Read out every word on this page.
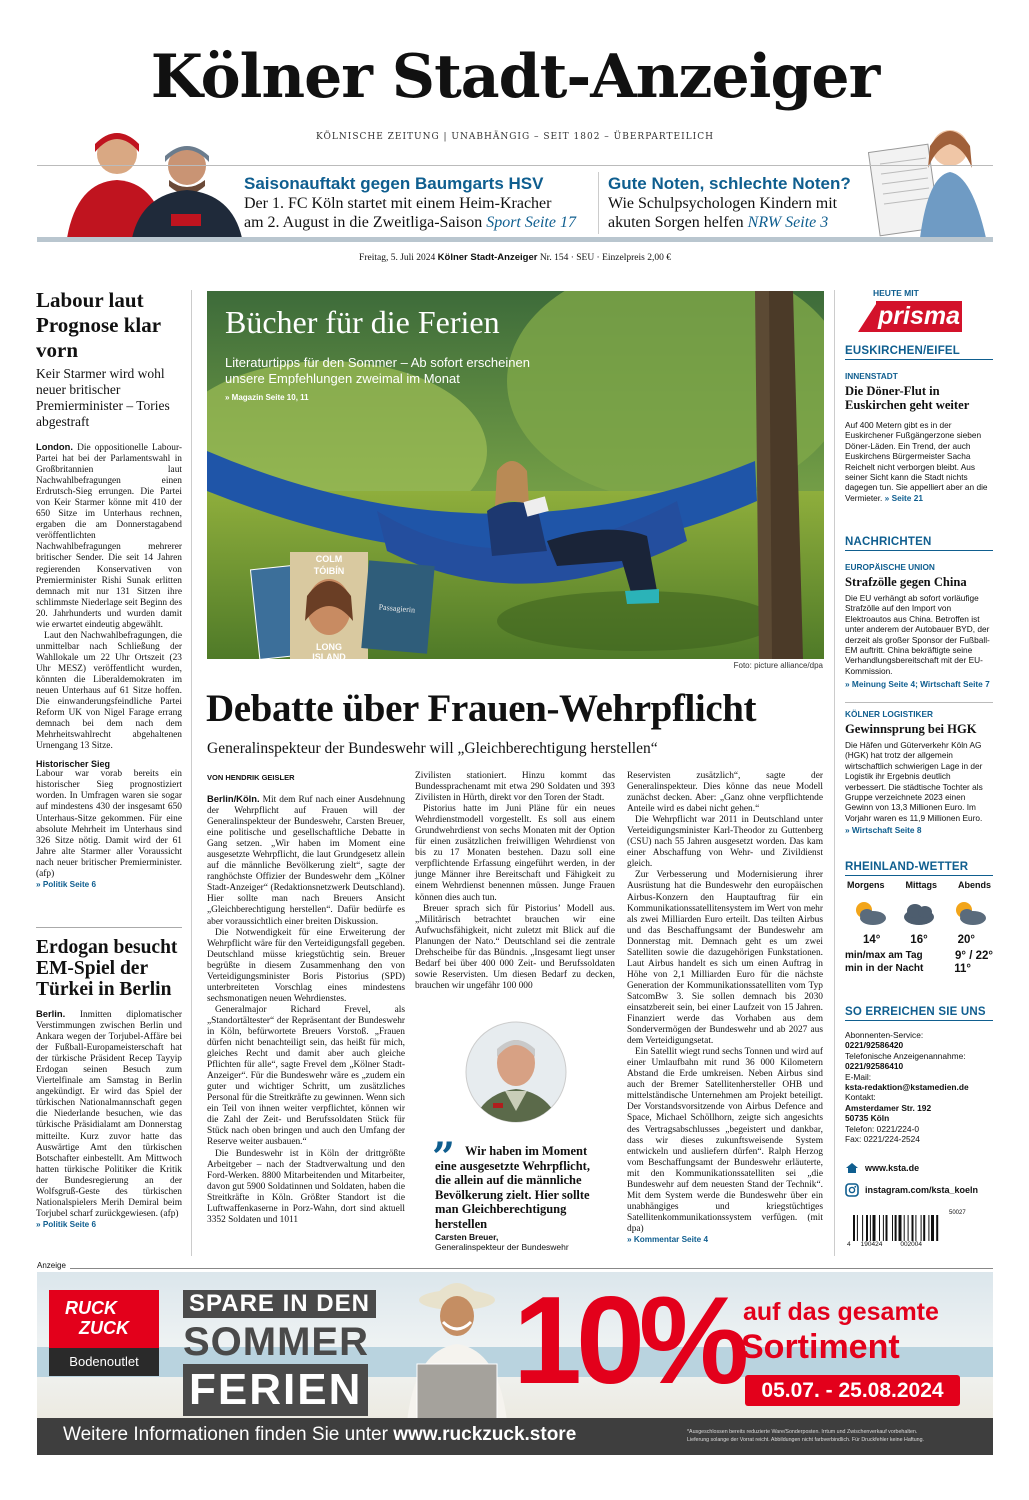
Kölner Stadt-Anzeiger
KÖLNISCHE ZEITUNG | UNABHÄNGIG – SEIT 1802 – ÜBERPARTEILICH
Saisonauftakt gegen Baumgarts HSV
Der 1. FC Köln startet mit einem Heim-Kracher
am 2. August in die Zweitliga-Saison Sport Seite 17
Gute Noten, schlechte Noten?
Wie Schulpsychologen Kindern mit
akuten Sorgen helfen NRW Seite 3
Freitag, 5. Juli 2024 Kölner Stadt-Anzeiger Nr. 154 · SEU · Einzelpreis 2,00 €
Labour laut Prognose klar vorn
Keir Starmer wird wohl neuer britischer Premierminister – Tories abgestraft

London. Die oppositionelle Labour-Partei hat bei der Parlamentswahl in Großbritannien laut Nachwahlbefragungen einen Erdrutsch-Sieg errungen. Die Partei von Keir Starmer könne mit 410 der 650 Sitze im Unterhaus rechnen, ergaben die am Donnerstagabend veröffentlichten Nachwahlbefragungen mehrerer britischer Sender. Die seit 14 Jahren regierenden Konservativen von Premierminister Rishi Sunak erlitten demnach mit nur 131 Sitzen ihre schlimmste Niederlage seit Beginn des 20. Jahrhunderts und wurden damit wie erwartet eindeutig abgewählt.

Laut den Nachwahlbefragungen, die unmittelbar nach Schließung der Wahllokale um 22 Uhr Ortszeit (23 Uhr MESZ) veröffentlicht wurden, könnten die Liberaldemokraten im neuen Unterhaus auf 61 Sitze hoffen. Die einwanderungsfeindliche Partei Reform UK von Nigel Farage errang demnach bei dem nach dem Mehrheitswahlrecht abgehaltenen Urnengang 13 Sitze.

Historischer Sieg

Labour war vorab bereits ein historischer Sieg prognostiziert worden. In Umfragen waren sie sogar auf mindestens 430 der insgesamt 650 Unterhaus-Sitze gekommen. Für eine absolute Mehrheit im Unterhaus sind 326 Sitze nötig. Damit wird der 61 Jahre alte Starmer aller Voraussicht nach neuer britischer Premierminister. (afp)

» Politik Seite 6
Erdogan besucht EM-Spiel der Türkei in Berlin

Berlin. Inmitten diplomatischer Verstimmungen zwischen Berlin und Ankara wegen der Torjubel-Affäre bei der Fußball-Europameisterschaft hat der türkische Präsident Recep Tayyip Erdogan seinen Besuch zum Viertelfinale am Samstag in Berlin angekündigt. Er wird das Spiel der türkischen Nationalmannschaft gegen die Niederlande besuchen, wie das türkische Präsidialamt am Donnerstag mitteilte. Kurz zuvor hatte das Auswärtige Amt den türkischen Botschafter einbestellt. Am Mittwoch hatten türkische Politiker die Kritik der Bundesregierung an der Wolfsgruß-Geste des türkischen Nationalspielers Merih Demiral beim Torjubel scharf zurückgewiesen. (afp)

» Politik Seite 6
COLM
TÓIBÍN
LONG
ISLAND
Passagierin
Bücher für die Ferien
Literaturtipps für den Sommer – Ab sofort erscheinen
unsere Empfehlungen zweimal im Monat
» Magazin Seite 10, 11
Foto: picture alliance/dpa
Debatte über Frauen-Wehrpflicht
Generalinspekteur der Bundeswehr will „Gleichberechtigung herstellen“
VON HENDRIK GEISLER

Berlin/Köln. Mit dem Ruf nach einer Ausdehnung der Wehrpflicht auf Frauen will der Generalinspekteur der Bundeswehr, Carsten Breuer, eine politische und gesellschaftliche Debatte in Gang setzen. „Wir haben im Moment eine ausgesetzte Wehrpflicht, die laut Grundgesetz allein auf die männliche Bevölkerung zielt“, sagte der ranghöchste Offizier der Bundeswehr dem „Kölner Stadt-Anzeiger“ (Redaktionsnetzwerk Deutschland). Hier sollte man nach Breuers Ansicht „Gleichberechtigung herstellen“. Dafür bedürfe es aber voraussichtlich einer breiten Diskussion.

Die Notwendigkeit für eine Erweiterung der Wehrpflicht wäre für den Verteidigungsfall gegeben. Deutschland müsse kriegstüchtig sein. Breuer begrüßte in diesem Zusammenhang den von Verteidigungsminister Boris Pistorius (SPD) unterbreiteten Vorschlag eines mindestens sechsmonatigen neuen Wehrdienstes.

Generalmajor Richard Frevel, als „Standortältester“ der Repräsentant der Bundeswehr in Köln, befürwortete Breuers Vorstoß. „Frauen dürfen nicht benachteiligt sein, das heißt für mich, gleiches Recht und damit aber auch gleiche Pflichten für alle“, sagte Frevel dem „Kölner Stadt-Anzeiger“. Für die Bundeswehr wäre es „zudem ein guter und wichtiger Schritt, um zusätzliches Personal für die Streitkräfte zu gewinnen. Wenn sich ein Teil von ihnen weiter verpflichtet, können wir die Zahl der Zeit- und Berufssoldaten Stück für Stück nach oben bringen und auch den Umfang der Reserve weiter ausbauen.“

Die Bundeswehr ist in Köln der drittgrößte Arbeitgeber – nach der Stadtverwaltung und den Ford-Werken. 8800 Mitarbeitenden und Mitarbeiter, davon gut 5900 Soldatinnen und Soldaten, haben die Streitkräfte in Köln. Größter Standort ist die Luftwaffenkaserne in Porz-Wahn, dort sind aktuell 3352 Soldaten und 1011

Zivilisten stationiert. Hinzu kommt das Bundessprachenamt mit etwa 290 Soldaten und 393 Zivilisten in Hürth, direkt vor den Toren der Stadt.

Pistorius hatte im Juni Pläne für ein neues Wehrdienstmodell vorgestellt. Es soll aus einem Grundwehrdienst von sechs Monaten mit der Option für einen zusätzlichen freiwilligen Wehrdienst von bis zu 17 Monaten bestehen. Dazu soll eine verpflichtende Erfassung eingeführt werden, in der junge Männer ihre Bereitschaft und Fähigkeit zu einem Wehrdienst benennen müssen. Junge Frauen können dies auch tun.

Breuer sprach sich für Pistorius’ Modell aus. „Militärisch betrachtet brauchen wir eine Aufwuchsfähigkeit, nicht zuletzt mit Blick auf die Planungen der Nato.“ Deutschland sei die zentrale Drehscheibe für das Bündnis. „Insgesamt liegt unser Bedarf bei über 400 000 Zeit- und Berufssoldaten sowie Reservisten. Um diesen Bedarf zu decken, brauchen wir ungefähr 100 000

Reservisten zusätzlich“, sagte der Generalinspekteur. Dies könne das neue Modell zunächst decken. Aber: „Ganz ohne verpflichtende Anteile wird es dabei nicht gehen.“

Die Wehrpflicht war 2011 in Deutschland unter Verteidigungsminister Karl-Theodor zu Guttenberg (CSU) nach 55 Jahren ausgesetzt worden. Das kam einer Abschaffung von Wehr- und Zivildienst gleich.

Zur Verbesserung und Modernisierung ihrer Ausrüstung hat die Bundeswehr den europäischen Airbus-Konzern den Hauptauftrag für ein Kommunikationssatellitensystem im Wert von mehr als zwei Milliarden Euro erteilt. Das teilten Airbus und das Beschaffungsamt der Bundeswehr am Donnerstag mit. Demnach geht es um zwei Satelliten sowie die dazugehörigen Funkstationen. Laut Airbus handelt es sich um einen Auftrag in Höhe von 2,1 Milliarden Euro für die nächste Generation der Kommunikationssatelliten vom Typ SatcomBw 3. Sie sollen demnach bis 2030 einsatzbereit sein, bei einer Laufzeit von 15 Jahren. Finanziert werde das Vorhaben aus dem Sondervermögen der Bundeswehr und ab 2027 aus dem Verteidigungsetat.

Ein Satellit wiegt rund sechs Tonnen und wird auf einer Umlaufbahn mit rund 36 000 Kilometern Abstand die Erde umkreisen. Neben Airbus sind auch der Bremer Satellitenhersteller OHB und mittelständische Unternehmen am Projekt beteiligt. Der Vorstandsvorsitzende von Airbus Defence and Space, Michael Schöllhorn, zeigte sich angesichts des Vertragsabschlusses „begeistert und dankbar, dass wir dieses zukunftsweisende System entwickeln und ausliefern dürfen“. Ralph Herzog vom Beschaffungsamt der Bundeswehr erläuterte, mit den Kommunikationssatelliten sei „die Bundeswehr auf dem neuesten Stand der Technik“. Mit dem System werde die Bundeswehr über ein unabhängiges und kriegstüchtiges Satellitenkommunikationssystem verfügen. (mit dpa)

» Kommentar Seite 4
” Wir haben im Moment eine ausgesetzte Wehrpflicht, die allein auf die männliche Bevölkerung zielt. Hier sollte man Gleichberechtigung herstellen
Carsten Breuer,
Generalinspekteur der Bundeswehr
HEUTE MIT
prisma
EUSKIRCHEN/EIFEL
INNENSTADT
Die Döner-Flut in Euskirchen geht weiter
Auf 400 Metern gibt es in der Euskirchener Fußgängerzone sieben Döner-Läden. Ein Trend, der auch Euskirchens Bürgermeister Sacha Reichelt nicht verborgen bleibt. Aus seiner Sicht kann die Stadt nichts dagegen tun. Sie appelliert aber an die Vermieter. » Seite 21
NACHRICHTEN
EUROPÄISCHE UNION
Strafzölle gegen China
Die EU verhängt ab sofort vorläufige Strafzölle auf den Import von Elektroautos aus China. Betroffen ist unter anderem der Autobauer BYD, der derzeit als großer Sponsor der Fußball-EM auftritt. China bekräftigte seine Verhandlungsbereitschaft mit der EU-Kommission.
» Meinung Seite 4; Wirtschaft Seite 7
KÖLNER LOGISTIKER
Gewinnsprung bei HGK
Die Häfen und Güterverkehr Köln AG (HGK) hat trotz der allgemein wirtschaftlich schwierigen Lage in der Logistik ihr Ergebnis deutlich verbessert. Die städtische Tochter als Gruppe verzeichnete 2023 einen Gewinn von 13,3 Millionen Euro. Im Vorjahr waren es 11,9 Millionen Euro.
» Wirtschaft Seite 8
RHEINLAND-WETTER
Morgens Mittags Abends
14°	16°	20°
min/max am Tag	9° / 22°
min in der Nacht	11°
SO ERREICHEN SIE UNS
Abonnenten-Service:
0221/92586420
Telefonische Anzeigenannahme:
0221/92586410
E-Mail:
ksta-redaktion@kstamedien.de
Kontakt:
Amsterdamer Str. 192
50735 Köln
Telefon: 0221/224-0
Fax: 0221/224-2524
www.ksta.de
instagram.com/ksta_koeln
50027
4 190424	002004
Anzeige
RUCK
ZUCK
Bodenoutlet
SPARE IN DEN
SOMMER
FERIEN 10% auf das gesamte
Sortiment
05.07. - 25.08.2024
Weitere Informationen finden Sie unter www.ruckzuck.store	*Ausgeschlossen bereits reduzierte Ware/Sonderposten. Irrtum und Zwischenverkauf vorbehalten.
Lieferung solange der Vorrat reicht. Abbildungen nicht farbverbindlich. Für Druckfehler keine Haftung.
